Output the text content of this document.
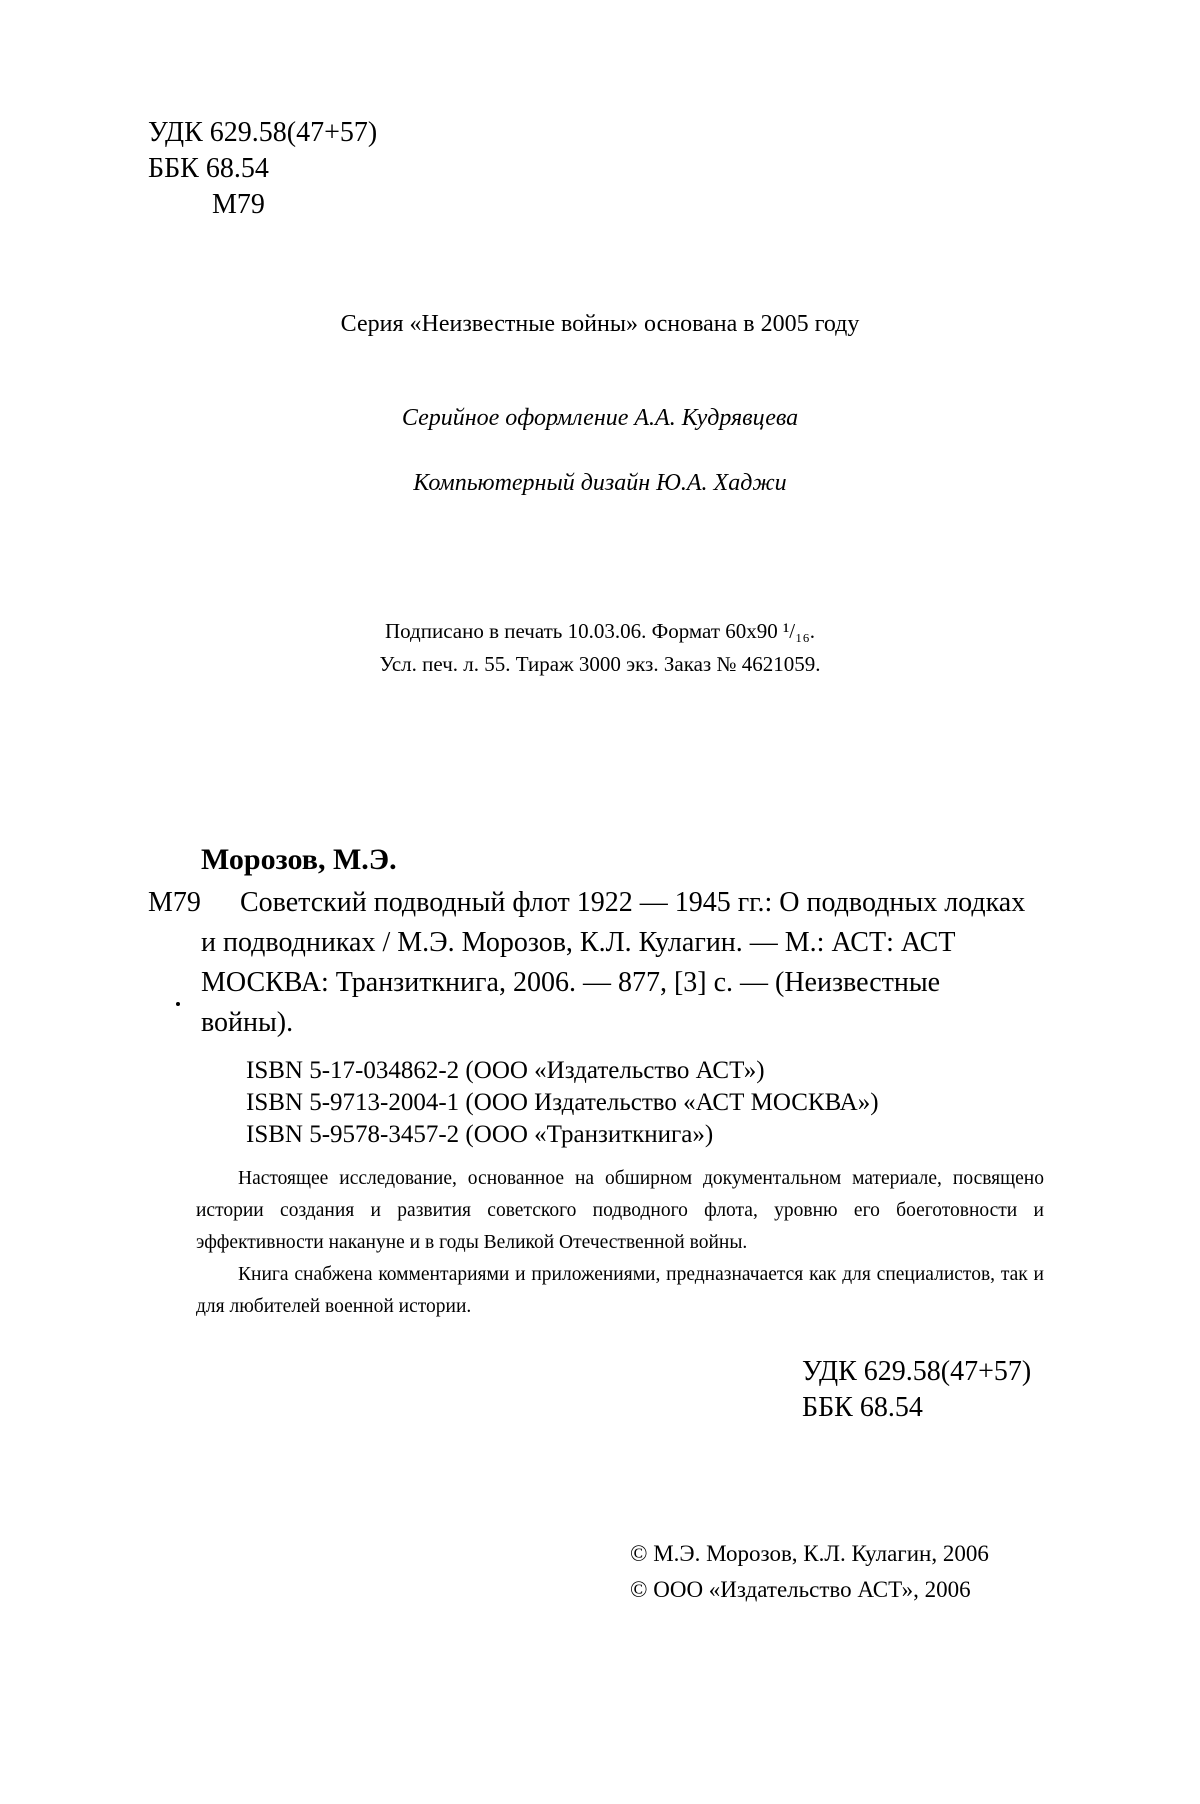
УДК 629.58(47+57)
ББК 68.54
М79
Серия «Неизвестные войны» основана в 2005 году
Серийное оформление А.А. Кудрявцева
Компьютерный дизайн Ю.А. Хаджи
Подписано в печать 10.03.06. Формат 60х90 ¹/₁₆.
Усл. печ. л. 55. Тираж 3000 экз. Заказ № 4621059.
Морозов, М.Э.
М79 Советский подводный флот 1922 — 1945 гг.: О подводных лодках
и подводниках / М.Э. Морозов, К.Л. Кулагин. — М.: АСТ: АСТ
МОСКВА: Транзиткнига, 2006. — 877, [3] с. — (Неизвестные
войны).
ISBN 5-17-034862-2 (ООО «Издательство АСТ»)
ISBN 5-9713-2004-1 (ООО Издательство «АСТ МОСКВА»)
ISBN 5-9578-3457-2 (ООО «Транзиткнига»)

Настоящее исследование, основанное на обширном документальном материале, посвящено истории создания и развития советского подводного флота, уровню его боеготовности и эффективности накануне и в годы Великой Отечественной войны.

Книга снабжена комментариями и приложениями, предназначается как для специалистов, так и для любителей военной истории.

УДК 629.58(47+57)
ББК 68.54
© М.Э. Морозов, К.Л. Кулагин, 2006
© ООО «Издательство АСТ», 2006
